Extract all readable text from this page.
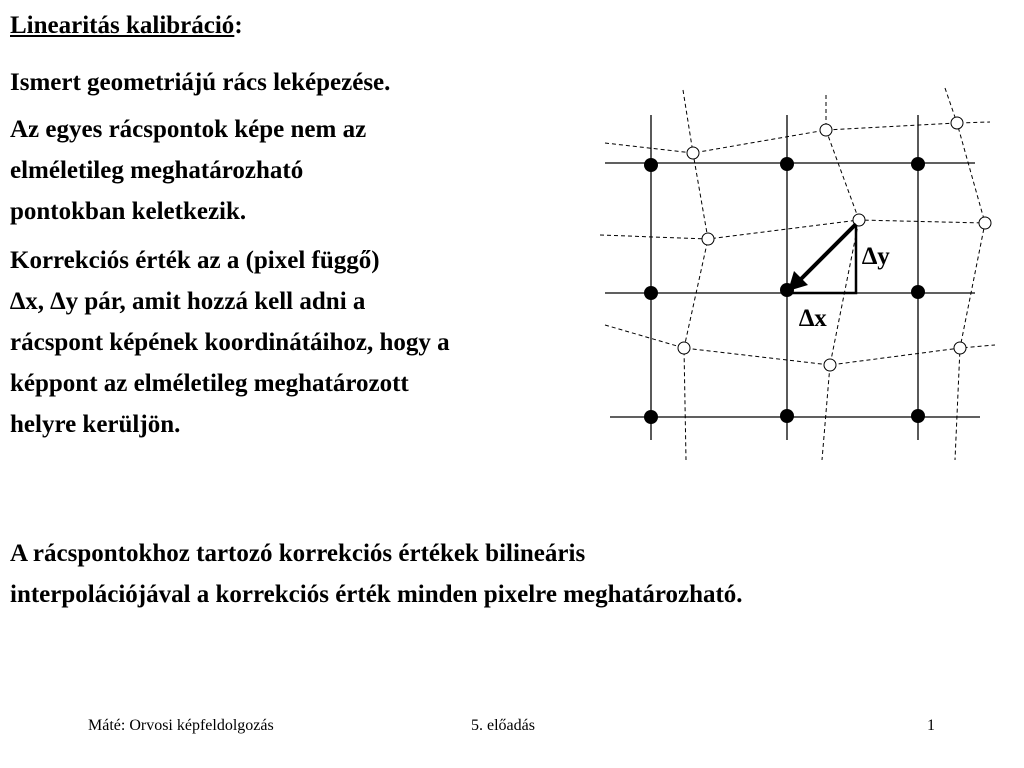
Linearitás kalibráció:
Ismert geometriájú rács leképezése.
Az egyes rácspontok képe nem az
elméletileg meghatározható
pontokban keletkezik.
Korrekciós érték az a (pixel függő)
∆x, ∆y pár, amit hozzá kell adni a
rácspont képének koordinátáihoz, hogy a
képpont az elméletileg meghatározott
helyre kerüljön.
A rácspontokhoz tartozó korrekciós értékek bilineáris
interpolációjával a korrekciós érték minden pixelre meghatározható.
∆y
∆x
Máté: Orvosi képfeldolgozás	5. előadás	1
